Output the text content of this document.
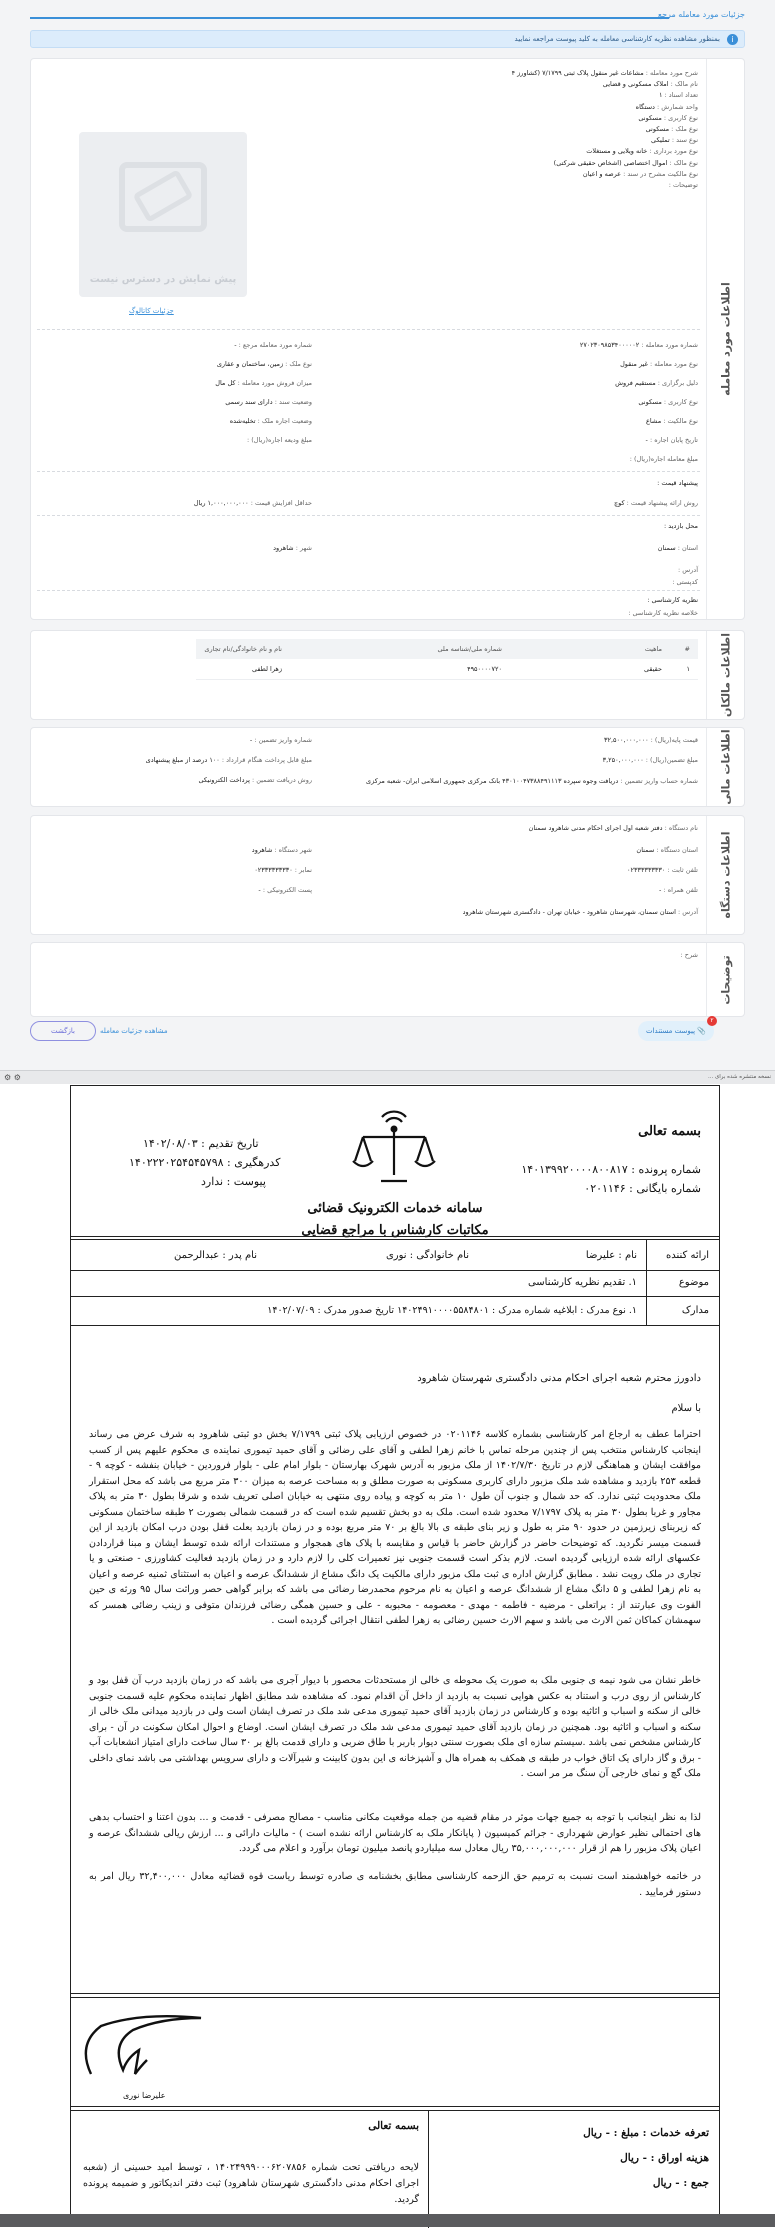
جزئیات مورد معامله مرجع
i
بمنظور مشاهده نظریه کارشناسی معامله به کلید پیوست مراجعه نمایید
اطلاعات مورد معامله
شرح مورد معامله : مشاعات غیر منقول پلاک ثبتی ۷/۱۷۹۹ (کشاورز ۴
نام مالک : املاک مسکونی و قضایی
تعداد اسناد : ۱
واحد شمارش : دستگاه
نوع کاربری : مسکونی
نوع ملک : مسکونی
نوع سند : تملیکی
نوع مورد برداری : خانه ویلایی و مستغلات
نوع مالک : اموال اختصاصی (اشخاص حقیقی شرکتی)
نوع مالکیت مشرح در سند : عرصه و اعیان
توضیحات :
پیش نمایش در دسترس نیست
جزئیات کاتالوگ
شماره مورد معامله : ۲۷۰۲۳۰۹۸۵۳۴۰۰۰۰۰۲
نوع مورد معامله : غیر منقول
دلیل برگزاری : مستقیم فروش
نوع کاربری : مسکونی
نوع مالکیت : مشاع
تاریخ پایان اجاره : -
مبلغ معامله اجاره(ریال) :
شماره مورد معامله مرجع : -
نوع ملک : زمین، ساختمان و عقاری
میزان فروش مورد معامله : کل مال
وضعیت سند : دارای سند رسمی
وضعیت اجاره ملک : تخلیه‌شده
مبلغ ودیعه اجاره(ریال) :
پیشنهاد قیمت :
روش ارائه پیشنهاد قیمت : کوچ
حداقل افزایش قیمت : ۱,۰۰۰,۰۰۰,۰۰۰ ریال
محل بازدید :
استان : سمنان
شهر : شاهرود
آدرس :
کدپستی :
نظریه کارشناسی :
خلاصه نظریه کارشناسی :
اطلاعات مالکان
#	ماهیت	شماره ملی/شناسه ملی	نام و نام خانوادگی/نام تجاری
۱	حقیقی	۴۹۵۰۰۰۰۷۲۰	زهرا لطفی
اطلاعات مالی
قیمت پایه(ریال) : ۳۲,۵۰۰,۰۰۰,۰۰۰
شماره واریز تضمین : -
مبلغ تضمین(ریال) : ۳,۲۵۰,۰۰۰,۰۰۰
مبلغ قابل پرداخت هنگام قرارداد : ۱۰۰ درصد از مبلغ پیشنهادی
شماره حساب واریز تضمین : دریافت وجوه سپرده ۴۳۰۱۰۰۴۷۳۸۸۴۹۱۱۱۳ بانک مرکزی جمهوری اسلامی ایران- شعبه مرکزی
روش دریافت تضمین : پرداخت الکترونیکی
اطلاعات دستگاه
نام دستگاه : دفتر شعبه اول اجرای احکام مدنی شاهرود سمنان
استان دستگاه : سمنان
شهر دستگاه : شاهرود
تلفن ثابت : ۰۲۳۳۳۳۳۳۳۳۰
نمابر : ۰۲۳۳۳۳۳۳۳۳۰
تلفن همراه : -
پست الکترونیکی : -
آدرس : استان سمنان، شهرستان شاهرود - خیابان تهران - دادگستری شهرستان شاهرود
توضیحات
شرح :
📎 پیوست مستندات
۲
مشاهده جزئیات معامله
بازگشت
نسخه منتشره شده برای ...
⚙ ⚙
بسمه تعالی
شماره پرونده : ۱۴۰۱۳۹۹۲۰۰۰۰۸۰۰۸۱۷
شماره بایگانی : ۰۲۰۱۱۴۶
سامانه خدمات الکترونیک قضائی
مکاتبات کارشناس با مراجع قضایی
تاریخ تقدیم : ۱۴۰۲/۰۸/۰۳
کدرهگیری : ۱۴۰۲۲۲۰۲۵۴۵۴۵۷۹۸
پیوست : ندارد
ارائه کننده
نام : علیرضا
نام خانوادگی : نوری
نام پدر : عبدالرحمن
موضوع
۱. تقدیم نظریه کارشناسی
مدارک
۱. نوع مدرک : ابلاغیه شماره مدرک : ۱۴۰۲۴۹۱۰۰۰۰۵۵۸۴۸۰۱ تاریخ صدور مدرک : ۱۴۰۲/۰۷/۰۹
دادورز محترم شعبه اجرای احکام مدنی دادگستری شهرستان شاهرود
با سلام
احتراما عطف به ارجاع امر کارشناسی بشماره کلاسه ۰۲۰۱۱۴۶ در خصوص ارزیابی پلاک ثبتی ۷/۱۷۹۹ بخش دو ثبتی شاهرود به شرف عرض می رساند اینجانب کارشناس منتخب پس از چندین مرحله تماس با خانم زهرا لطفی و آقای علی رضائی و آقای حمید تیموری نماینده ی محکوم علیهم پس از کسب موافقت ایشان و هماهنگی لازم در تاریخ ۱۴۰۲/۷/۳۰ از ملک مزبور به آدرس شهرک بهارستان - بلوار امام علی - بلوار فروردین - خیابان بنفشه - کوچه ۹ - قطعه ۲۵۳ بازدید و مشاهده شد ملک مزبور دارای کاربری مسکونی به صورت مطلق و به مساحت عرصه به میزان ۳۰۰ متر مربع می باشد که محل استقرار ملک محدودیت ثبتی ندارد. که حد شمال و جنوب آن طول ۱۰ متر به کوچه و پیاده روی منتهی به خیابان اصلی تعریف شده و شرقا بطول ۳۰ متر به پلاک مجاور و غربا بطول ۳۰ متر به پلاک ۷/۱۷۹۷ محدود شده است. ملک به دو بخش تقسیم شده است که در قسمت شمالی بصورت ۲ طبقه ساختمان مسکونی که زیربنای زیرزمین در حدود ۹۰ متر به طول و زیر بنای طبقه ی بالا بالغ بر ۷۰ متر مربع بوده و در زمان بازدید بعلت قفل بودن درب امکان بازدید از این قسمت میسر نگردید. که توضیحات حاضر در گزارش حاضر با قیاس و مقایسه با پلاک های همجوار و مستندات ارائه شده توسط ایشان و مبنا قراردادن عکسهای ارائه شده ارزیابی گردیده است. لازم بذکر است قسمت جنوبی نیز تعمیرات کلی را لازم دارد و در زمان بازدید فعالیت کشاورزی - صنعتی و یا تجاری در ملک رویت نشد . مطابق گزارش اداره ی ثبت ملک مزبور دارای مالکیت یک دانگ مشاع از ششدانگ عرصه و اعیان به استثنای ثمنیه عرصه و اعیان به نام زهرا لطفی و ۵ دانگ مشاع از ششدانگ عرصه و اعیان به نام مرحوم محمدرضا رضائی می باشد که برابر گواهی حصر وراثت سال ۹۵ ورثه ی حین الفوت وی عبارتند از : براتعلی - مرضیه - فاطمه - مهدی - معصومه - محبوبه - علی و حسین همگی رضائی فرزندان متوفی و زینب رضائی همسر که سهمشان کماکان ثمن الارث می باشد و سهم الارث حسین رضائی به زهرا لطفی انتقال اجرائی گردیده است .
خاطر نشان می شود نیمه ی جنوبی ملک به صورت یک محوطه ی خالی از مستحدثات محصور با دیوار آجری می باشد که در زمان بازدید درب آن قفل بود و کارشناس از روی درب و استناد به عکس هوایی نسبت به بازدید از داخل آن اقدام نمود. که مشاهده شد مطابق اظهار نماینده محکوم علیه قسمت جنوبی خالی از سکنه و اسباب و اثاثیه بوده و کارشناس در زمان بازدید آقای حمید تیموری مدعی شد ملک در تصرف ایشان است ولی در بازدید میدانی ملک خالی از سکنه و اسباب و اثاثیه بود. همچنین در زمان بازدید آقای حمید تیموری مدعی شد ملک در تصرف ایشان است. اوضاع و احوال امکان سکونت در آن - برای کارشناس مشخص نمی باشد .سیستم سازه ای ملک بصورت سنتی دیوار باربر با طاق ضربی و دارای قدمت بالغ بر ۳۰ سال ساخت دارای امتیاز انشعابات آب - برق و گاز دارای یک اتاق خواب در طبقه ی همکف به همراه هال و آشپزخانه ی این بدون کابینت و شیرآلات و دارای سرویس بهداشتی می باشد نمای داخلی ملک گچ و نمای خارجی آن سنگ مر مر است .
لذا به نظر اینجانب با توجه به جمیع جهات موثر در مقام قضیه من جمله موقعیت مکانی مناسب - مصالح مصرفی - قدمت و ... بدون اعتنا و احتساب بدهی های احتمالی نظیر عوارض شهرداری - جرائم کمیسیون ( پایانکار ملک به کارشناس ارائه نشده است ) - مالیات دارائی و ... ارزش ریالی ششدانگ عرصه و اعیان پلاک مزبور را هم از قرار ۳۵,۰۰۰,۰۰۰,۰۰۰ ریال معادل سه میلیاردو پانصد میلیون تومان برآورد و اعلام می گردد.
در خاتمه خواهشمند است نسبت به ترمیم حق الزحمه کارشناسی مطابق بخشنامه ی صادره توسط ریاست قوه قضائیه معادل ۳۲,۴۰۰,۰۰۰ ریال امر به دستور فرمایید .
علیرضا نوری
تعرفه خدمات : مبلغ : - ریال
هزینه اوراق : - ریال
جمع : - ریال
بسمه تعالی
لایحه دریافتی تحت شماره ۱۴۰۲۴۹۹۹۰۰۰۶۲۰۷۸۵۶ ، توسط امید حسینی از (شعبه اجرای احکام مدنی دادگستری شهرستان شاهرود) ثبت دفتر اندیکاتور و ضمیمه پرونده گردید.
